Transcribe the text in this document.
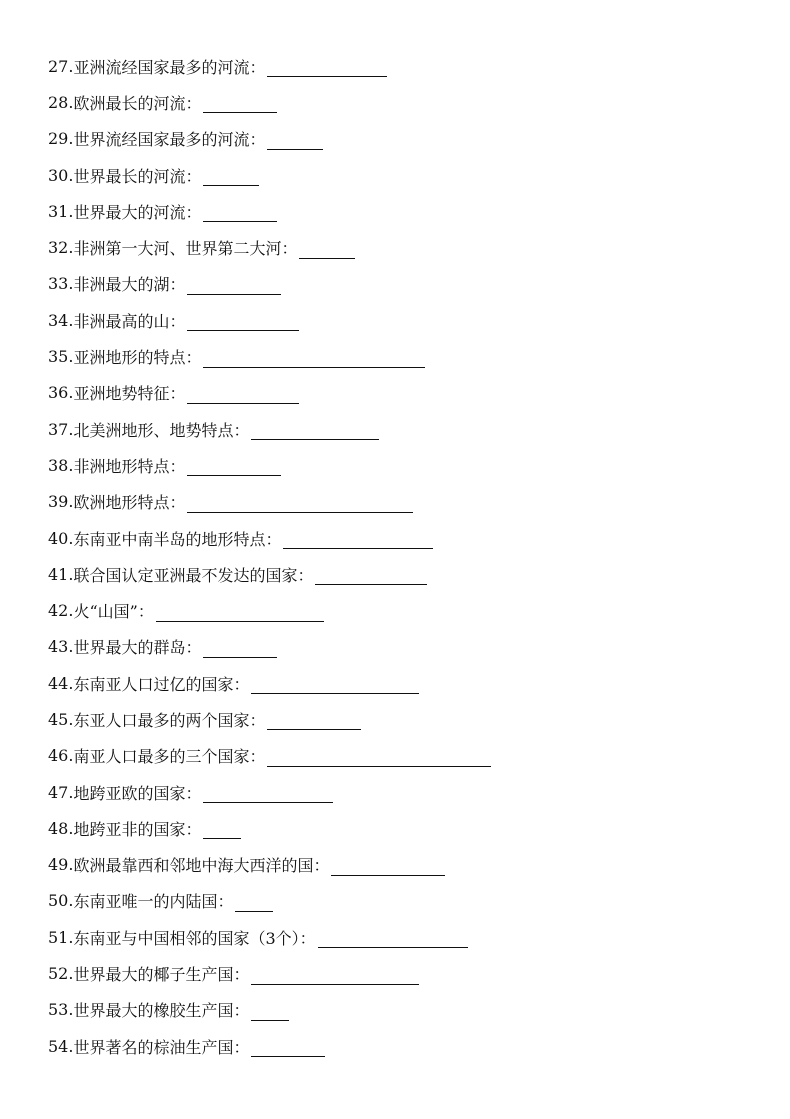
27. 亚洲流经国家最多的河流：
28. 欧洲最长的河流：
29. 世界流经国家最多的河流：
30. 世界最长的河流：
31. 世界最大的河流：
32. 非洲第一大河、世界第二大河：
33. 非洲最大的湖：
34. 非洲最高的山：
35. 亚洲地形的特点：
36. 亚洲地势特征：
37. 北美洲地形、地势特点：
38. 非洲地形特点：
39. 欧洲地形特点：
40. 东南亚中南半岛的地形特点：
41. 联合国认定亚洲最不发达的国家：
42. 火“山国”：
43. 世界最大的群岛：
44. 东南亚人口过亿的国家：
45. 东亚人口最多的两个国家：
46. 南亚人口最多的三个国家：
47. 地跨亚欧的国家：
48. 地跨亚非的国家：
49. 欧洲最靠西和邻地中海大西洋的国：
50. 东南亚唯一的内陆国：
51. 东南亚与中国相邻的国家（3个）：
52. 世界最大的椰子生产国：
53. 世界最大的橡胶生产国：
54. 世界著名的棕油生产国：
